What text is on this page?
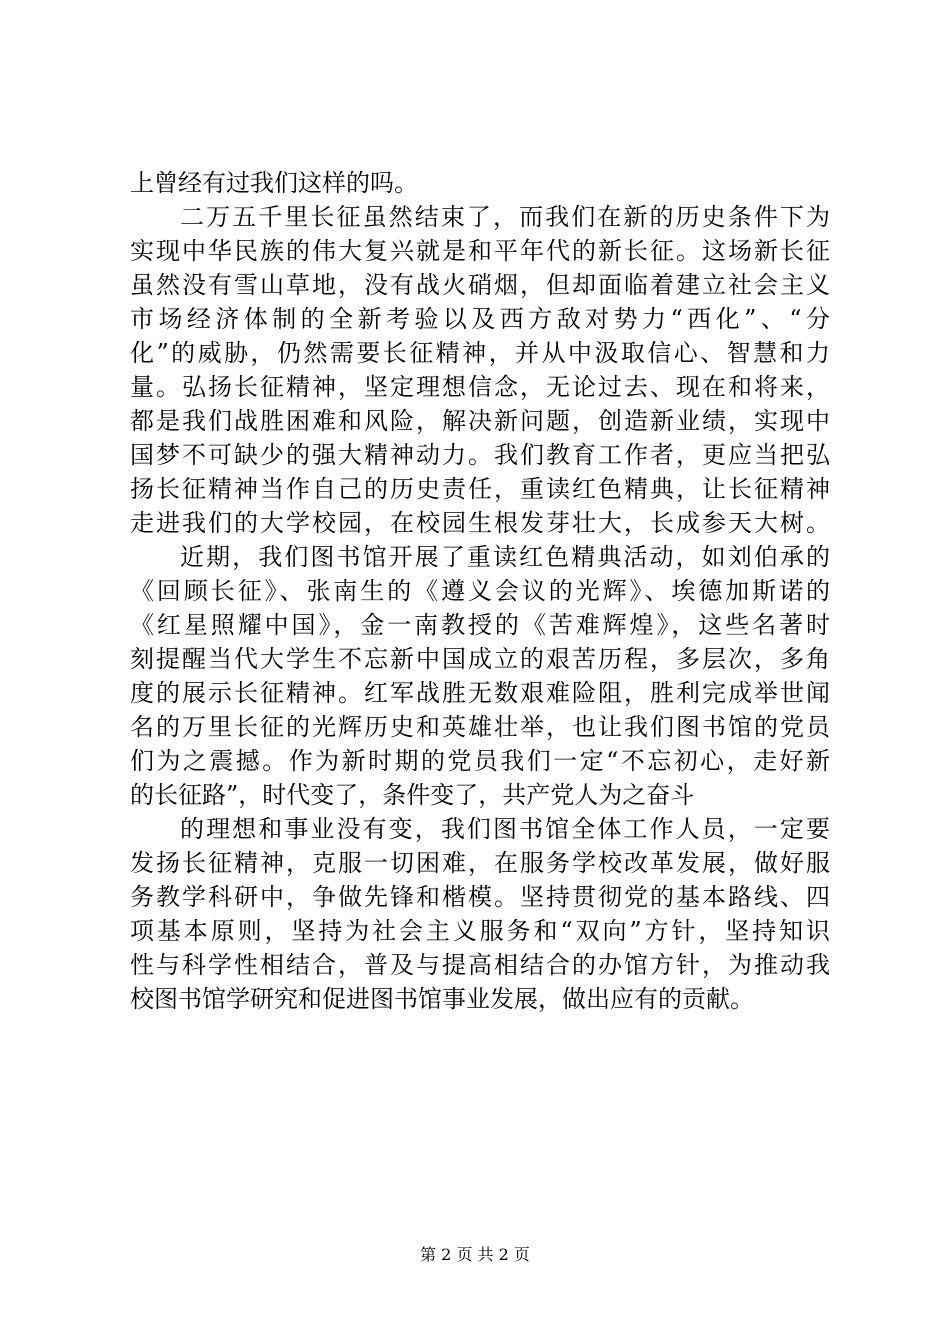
上曾经有过我们这样的吗。
二万五千里长征虽然结束了，而我们在新的历史条件下为
实现中华民族的伟大复兴就是和平年代的新长征。这场新长征
虽然没有雪山草地，没有战火硝烟，但却面临着建立社会主义
市场经济体制的全新考验以及西方敌对势力“西化”、“分
化”的威胁，仍然需要长征精神，并从中汲取信心、智慧和力
量。弘扬长征精神，坚定理想信念，无论过去、现在和将来，
都是我们战胜困难和风险，解决新问题，创造新业绩，实现中
国梦不可缺少的强大精神动力。我们教育工作者，更应当把弘
扬长征精神当作自己的历史责任，重读红色精典，让长征精神
走进我们的大学校园，在校园生根发芽壮大，长成参天大树。
近期，我们图书馆开展了重读红色精典活动，如刘伯承的
《回顾长征》、张南生的《遵义会议的光辉》、埃德加斯诺的
《红星照耀中国》，金一南教授的《苦难辉煌》，这些名著时
刻提醒当代大学生不忘新中国成立的艰苦历程，多层次，多角
度的展示长征精神。红军战胜无数艰难险阻，胜利完成举世闻
名的万里长征的光辉历史和英雄壮举，也让我们图书馆的党员
们为之震撼。作为新时期的党员我们一定“不忘初心，走好新
的长征路”，时代变了，条件变了，共产党人为之奋斗
的理想和事业没有变，我们图书馆全体工作人员，一定要
发扬长征精神，克服一切困难，在服务学校改革发展，做好服
务教学科研中，争做先锋和楷模。坚持贯彻党的基本路线、四
项基本原则，坚持为社会主义服务和“双向”方针，坚持知识
性与科学性相结合，普及与提高相结合的办馆方针，为推动我
校图书馆学研究和促进图书馆事业发展，做出应有的贡献。
第 2 页 共 2 页
